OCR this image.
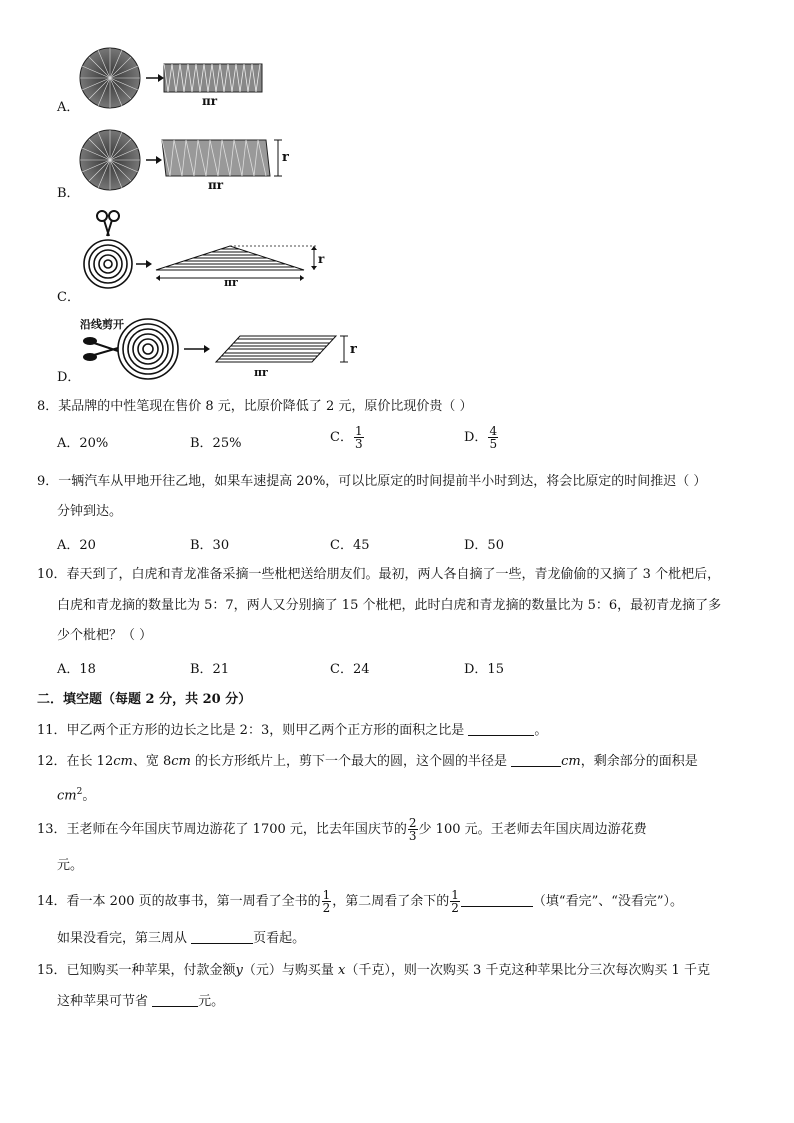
A．	πr
B．
r
πr
C．
r
πr
D．
沿线剪开
r
πr
8．某品牌的中性笔现在售价 8 元，比原价降低了 2 元，原价比现价贵（ ）
A．20%	B．25%	C． $\frac{1}{3}$	D． $\frac{4}{5}$
9．一辆汽车从甲地开往乙地，如果车速提高 20%，可以比原定的时间提前半小时到达，将会比原定的时间推迟（ ）
分钟到达。
A．20	B．30	C．45	D．50
10．春天到了，白虎和青龙准备采摘一些枇杷送给朋友们。最初，两人各自摘了一些，青龙偷偷的又摘了 3 个枇杷后，
白虎和青龙摘的数量比为 5：7，两人又分别摘了 15 个枇杷，此时白虎和青龙摘的数量比为 5：6，最初青龙摘了多
少个枇杷？（ ）
A．18	B．21	C．24	D．15
二．填空题（每题 2 分，共 20 分）
11．甲乙两个正方形的边长之比是 2：3，则甲乙两个正方形的面积之比是	。
12．在长 12cm、宽 8cm 的长方形纸片上，剪下一个最大的圆，这个圆的半径是	cm，剩余部分的面积是
$cm^2$。
13．王老师在今年国庆节周边游花了 1700 元，比去年国庆节的 $\frac{2}{3}$ 少 100 元。王老师去年国庆周边游花费
元。
14．看一本 200 页的故事书，第一周看了全书的 $\frac{1}{2}$ ，第二周看了余下的 $\frac{1}{2}$	（填“看完”、“没看完”）。
如果没看完，第三周从	页看起。
15．已知购买一种苹果，付款金额y（元）与购买量 x（千克），则一次购买 3 千克这种苹果比分三次每次购买 1 千克
这种苹果可节省	元。
